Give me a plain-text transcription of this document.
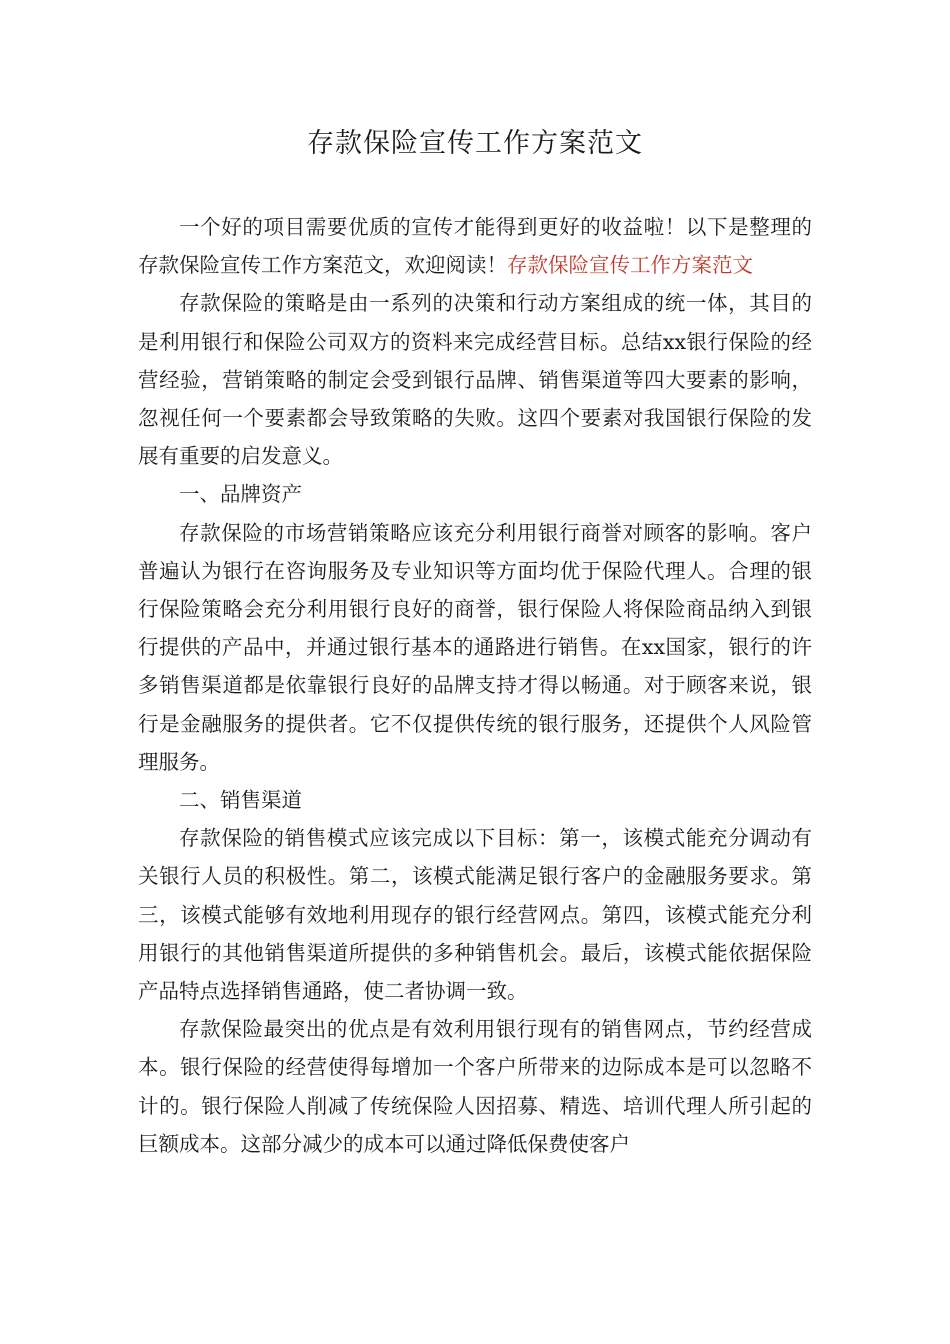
存款保险宣传工作方案范文

一个好的项目需要优质的宣传才能得到更好的收益啦！以下是整理的存款保险宣传工作方案范文，欢迎阅读！存款保险宣传工作方案范文

存款保险的策略是由一系列的决策和行动方案组成的统一体，其目的是利用银行和保险公司双方的资料来完成经营目标。总结xx银行保险的经营经验，营销策略的制定会受到银行品牌、销售渠道等四大要素的影响，忽视任何一个要素都会导致策略的失败。这四个要素对我国银行保险的发展有重要的启发意义。

一、品牌资产

存款保险的市场营销策略应该充分利用银行商誉对顾客的影响。客户普遍认为银行在咨询服务及专业知识等方面均优于保险代理人。合理的银行保险策略会充分利用银行良好的商誉，银行保险人将保险商品纳入到银行提供的产品中，并通过银行基本的通路进行销售。在xx国家，银行的许多销售渠道都是依靠银行良好的品牌支持才得以畅通。对于顾客来说，银行是金融服务的提供者。它不仅提供传统的银行服务，还提供个人风险管理服务。

二、销售渠道

存款保险的销售模式应该完成以下目标：第一，该模式能充分调动有关银行人员的积极性。第二，该模式能满足银行客户的金融服务要求。第三，该模式能够有效地利用现存的银行经营网点。第四，该模式能充分利用银行的其他销售渠道所提供的多种销售机会。最后，该模式能依据保险产品特点选择销售通路，使二者协调一致。

存款保险最突出的优点是有效利用银行现有的销售网点，节约经营成本。银行保险的经营使得每增加一个客户所带来的边际成本是可以忽略不计的。银行保险人削减了传统保险人因招募、精选、培训代理人所引起的巨额成本。这部分减少的成本可以通过降低保费使客户
